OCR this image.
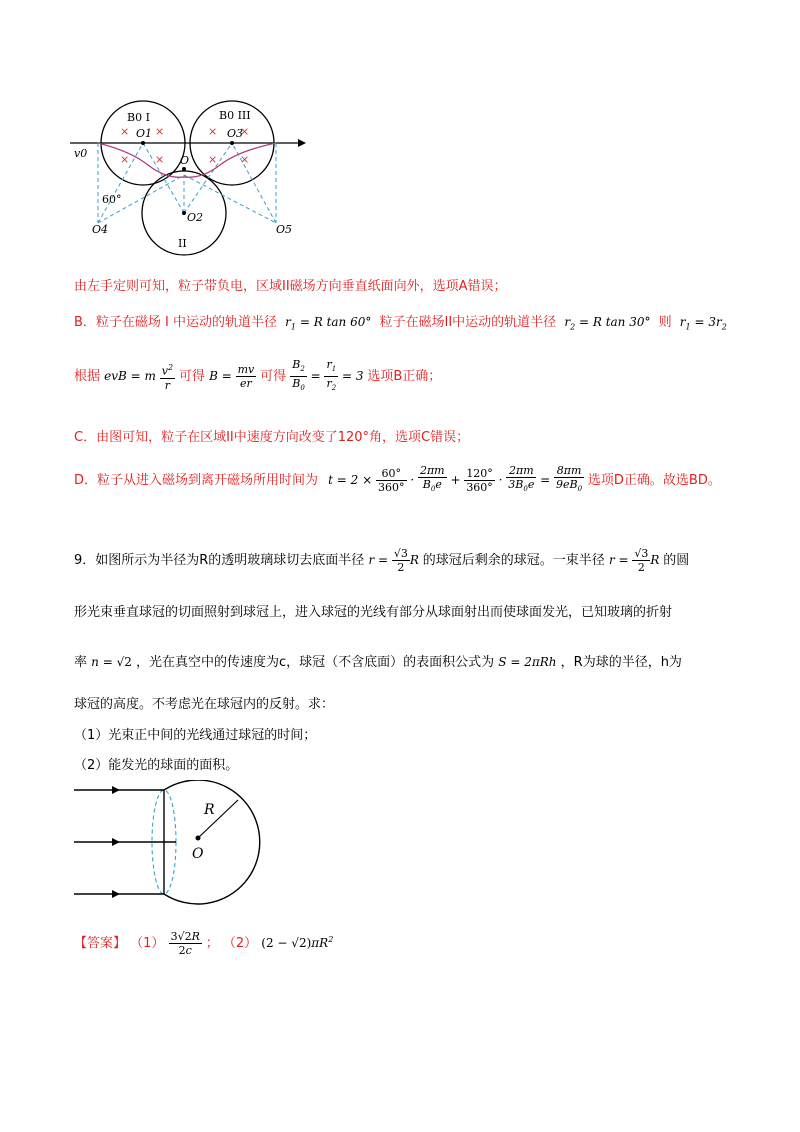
× ×
× ×
× ×
× ×
B0 I	B0 III
II
O1	O3
O
O2
O4	O5
v0
60°
由左手定则可知，粒子带负电，区域II磁场方向垂直纸面向外，选项A错误；
B．粒子在磁场 I 中运动的轨道半径 $r_1 = R$ tan 60° 粒子在磁场II中运动的轨道半径 $r_2 = R$ tan 30° 则 $r_1 = 3r_2$
根据 evB = m $\frac{v^2}{r}$ 可得 $B = \frac{mv}{er}$ 可得 $\frac{B_2}{B_0} = \frac{r_1}{r_2} = 3$ 选项B正确；
C．由图可知，粒子在区域II中速度方向改变了120°角，选项C错误；
D．粒子从进入磁场到离开磁场所用时间为 $t = 2 \times \frac{60^\circ}{360^\circ} \cdot \frac{2\pi m}{B_0e} + \frac{120^\circ}{360^\circ} \cdot \frac{2\pi m}{3B_0e} = \frac{8\pi m}{9eB_0}$ 选项D正确。故选BD。
9．如图所示为半径为R的透明玻璃球切去底面半径 $r = \frac{√3}{2}$ R 的球冠后剩余的球冠。一束半径 $r = \frac{√3}{2}$ R 的圆
形光束垂直球冠的切面照射到球冠上，进入球冠的光线有部分从球面射出而使球面发光，已知玻璃的折射
率 n = √2 ，光在真空中的传速度为c，球冠（不含底面）的表面积公式为 S = 2πRh ，R为球的半径，h为
球冠的高度。不考虑光在球冠内的反射。求：
（1）光束正中间的光线通过球冠的时间；
（2）能发光的球面的面积。
R
O
【答案】 $(1) \frac{3√2R}{2c}$ ； （2） $(2 - √2)\pi R^2$
